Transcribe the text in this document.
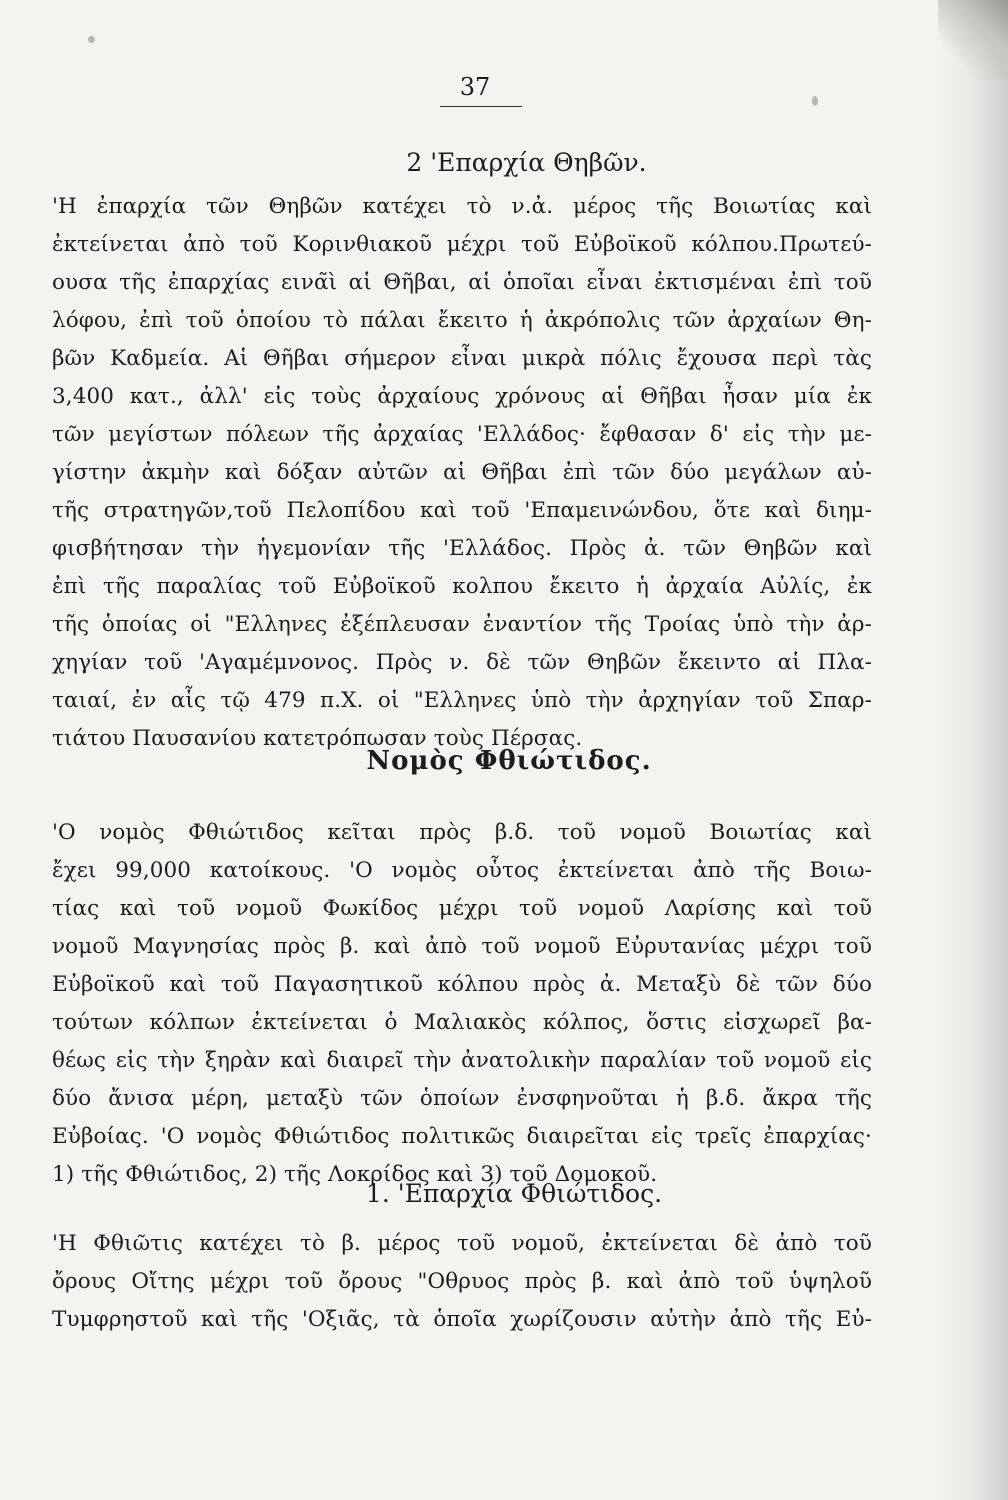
37
2 'Επαρχία Θηβῶν.
'Η ἐπαρχία τῶν Θηβῶν κατέχει τὸ ν.ἀ. μέρος τῆς Βοιωτίας καὶ
ἐκτείνεται ἀπὸ τοῦ Κορινθιακοῦ μέχρι τοῦ Εὐβοϊκοῦ κόλπου.Πρωτεύ-
ουσα τῆς ἐπαρχίας εινα̃ὶ αἱ Θῆβαι, αἱ ὁποῖαι εἶναι ἐκτισμέναι ἐπὶ τοῦ
λόφου, ἐπὶ τοῦ ὁποίου τὸ πάλαι ἔκειτο ἡ ἀκρόπολις τῶν ἀρχαίων Θη-
βῶν Καδμεία. Αἱ Θῆβαι σήμερον εἶναι μικρὰ πόλις ἔχουσα περὶ τὰς
3,400 κατ., ἀλλ' εἰς τοὺς ἀρχαίους χρόνους αἱ Θῆβαι ἦσαν μία ἐκ
τῶν μεγίστων πόλεων τῆς ἀρχαίας 'Ελλάδος· ἔφθασαν δ' εἰς τὴν με-
γίστην ἀκμὴν καὶ δόξαν αὐτῶν αἱ Θῆβαι ἐπὶ τῶν δύο μεγάλων αὐ-
τῆς στρατηγῶν,τοῦ Πελοπίδου καὶ τοῦ 'Επαμεινώνδου, ὅτε καὶ διημ-
φισβήτησαν τὴν ἡγεμονίαν τῆς 'Ελλάδος. Πρὸς ἀ. τῶν Θηβῶν καὶ
ἐπὶ τῆς παραλίας τοῦ Εὐβοϊκοῦ κολπου ἔκειτο ἡ ἀρχαία Αὐλίς, ἐκ
τῆς ὁποίας οἱ "Ελληνες ἐξέπλευσαν ἐναντίον τῆς Τροίας ὑπὸ τὴν ἀρ-
χηγίαν τοῦ 'Αγαμέμνονος. Πρὸς ν. δὲ τῶν Θηβῶν ἔκειντο αἱ Πλα-
ταιαί, ἐν αἷς τῷ 479 π.Χ. οἱ "Ελληνες ὑπὸ τὴν ἀρχηγίαν τοῦ Σπαρ-
τιάτου Παυσανίου κατετρόπωσαν τοὺς Πέρσας.
Νομὸς Φθιώτιδος.
'Ο νομὸς Φθιώτιδος κεῖται πρὸς β.δ. τοῦ νομοῦ Βοιωτίας καὶ
ἔχει 99,000 κατοίκους. 'Ο νομὸς οὗτος ἐκτείνεται ἀπὸ τῆς Βοιω-
τίας καὶ τοῦ νομοῦ Φωκίδος μέχρι τοῦ νομοῦ Λαρίσης καὶ τοῦ
νομοῦ Μαγνησίας πρὸς β. καὶ ἀπὸ τοῦ νομοῦ Εὐρυτανίας μέχρι τοῦ
Εὐβοϊκοῦ καὶ τοῦ Παγασητικοῦ κόλπου πρὸς ἀ. Μεταξὺ δὲ τῶν δύο
τούτων κόλπων ἐκτείνεται ὁ Μαλιακὸς κόλπος, ὅστις εἰσχωρεῖ βα-
θέως εἰς τὴν ξηρὰν καὶ διαιρεῖ τὴν ἀνατολικὴν παραλίαν τοῦ νομοῦ εἰς
δύο ἄνισα μέρη, μεταξὺ τῶν ὁποίων ἐνσφηνοῦται ἡ β.δ. ἄκρα τῆς
Εὐβοίας. 'Ο νομὸς Φθιώτιδος πολιτικῶς διαιρεῖται εἰς τρεῖς ἐπαρχίας·
1) τῆς Φθιώτιδος, 2) τῆς Λοκρίδος καὶ 3) τοῦ Δομοκοῦ.
1. 'Επαρχία Φθιώτιδος.
'Η Φθιῶτις κατέχει τὸ β. μέρος τοῦ νομοῦ, ἐκτείνεται δὲ ἀπὸ τοῦ
ὄρους Οἴτης μέχρι τοῦ ὄρους "Οθρυος πρὸς β. καὶ ἀπὸ τοῦ ὑψηλοῦ
Τυμφρηστοῦ καὶ τῆς 'Οξιᾶς, τὰ ὁποῖα χωρίζουσιν αὐτὴν ἀπὸ τῆς Εὐ-
